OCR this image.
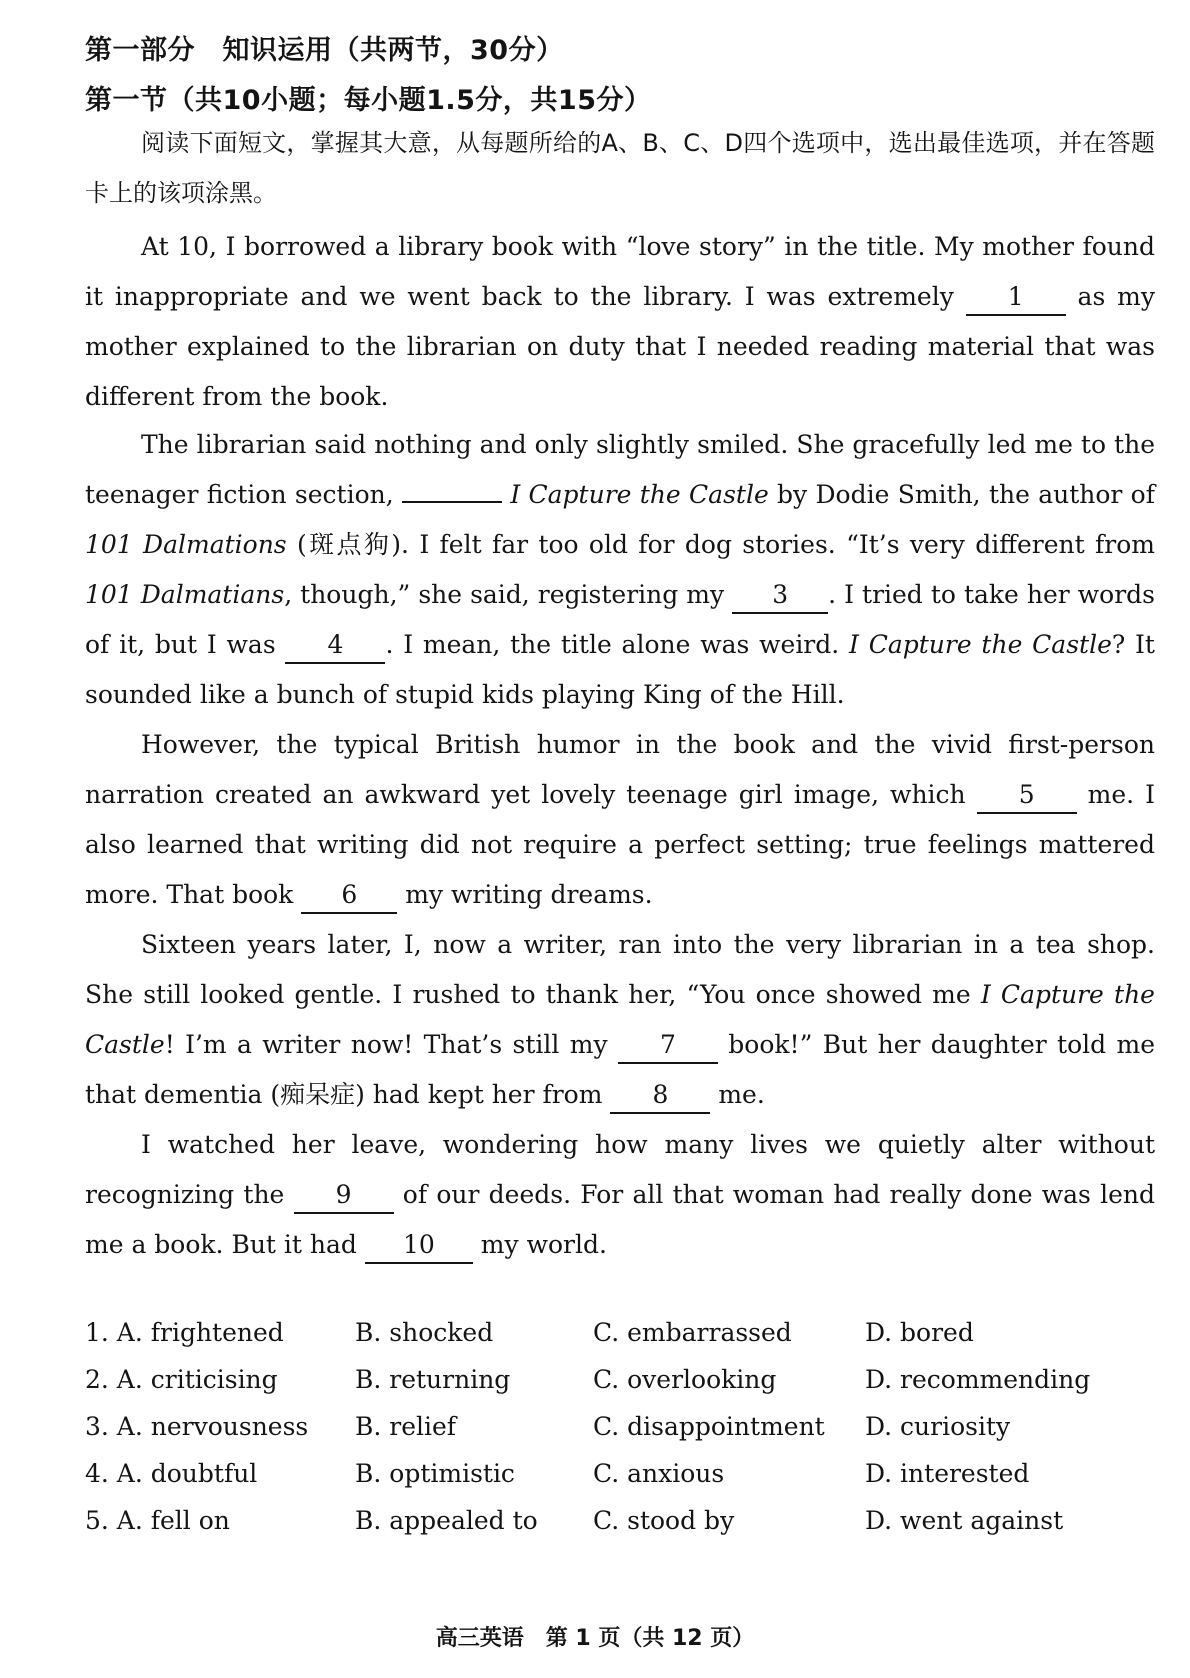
第一部分　知识运用（共两节，30分）
第一节（共10小题；每小题1.5分，共15分）
阅读下面短文，掌握其大意，从每题所给的A、B、C、D四个选项中，选出最佳选项，并在答题卡上的该项涂黑。
At 10, I borrowed a library book with “love story” in the title. My mother found it inappropriate and we went back to the library. I was extremely 1 as my mother explained to the librarian on duty that I needed reading material that was different from the book.
The librarian said nothing and only slightly smiled. She gracefully led me to the teenager fiction section,	I Capture the Castle by Dodie Smith, the author of 101 Dalmations (斑点狗). I felt far too old for dog stories. “It’s very different from 101 Dalmatians, though,” she said, registering my 3 . I tried to take her words of it, but I was 4 . I mean, the title alone was weird. I Capture the Castle? It sounded like a bunch of stupid kids playing King of the Hill.
However, the typical British humor in the book and the vivid first-person narration created an awkward yet lovely teenage girl image, which 5 me. I also learned that writing did not require a perfect setting; true feelings mattered more. That book 6 my writing dreams.
Sixteen years later, I, now a writer, ran into the very librarian in a tea shop. She still looked gentle. I rushed to thank her, “You once showed me I Capture the Castle! I’m a writer now! That’s still my 7 book!” But her daughter told me that dementia (痴呆症) had kept her from 8 me.
I watched her leave, wondering how many lives we quietly alter without recognizing the 9 of our deeds. For all that woman had really done was lend me a book. But it had 10 my world.
1. A. frightened	B. shocked	C. embarrassed	D. bored
2. A. criticising	B. returning	C. overlooking	D. recommending
3. A. nervousness B. relief	C. disappointment D. curiosity
4. A. doubtful	B. optimistic	C. anxious	D. interested
5. A. fell on	B. appealed to C. stood by	D. went against
高三英语　第 1 页（共 12 页）
